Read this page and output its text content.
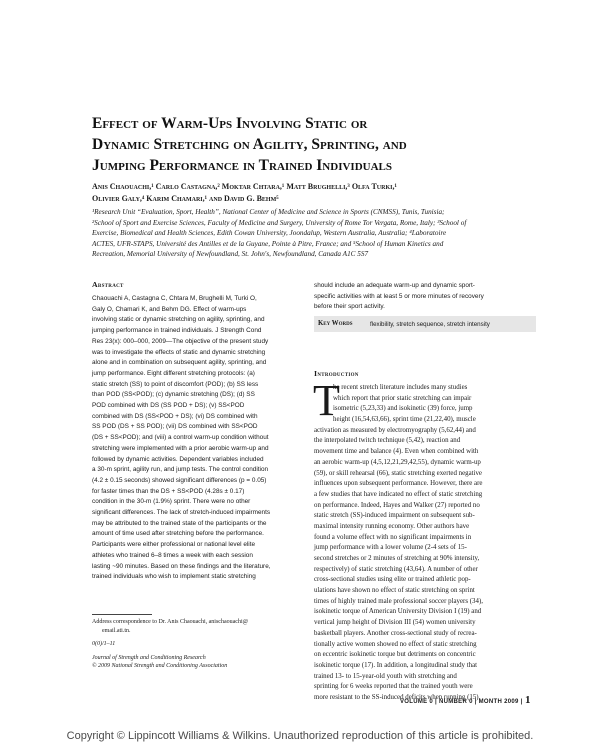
Effect of Warm-Ups Involving Static or
Dynamic Stretching on Agility, Sprinting, and
Jumping Performance in Trained Individuals
Anis Chaouachi,¹ Carlo Castagna,² Moktar Chtara,¹ Matt Brughelli,³ Olfa Turki,¹
Olivier Galy,⁴ Karim Chamari,¹ and David G. Behm⁵
¹Research Unit “Evaluation, Sport, Health”, National Center of Medicine and Science in Sports (CNMSS), Tunis, Tunisia;
²School of Sport and Exercise Sciences, Faculty of Medicine and Surgery, University of Rome Tor Vergata, Rome, Italy; ³School of
Exercise, Biomedical and Health Sciences, Edith Cowan University, Joondalup, Western Australia, Australia; ⁴Laboratoire
ACTES, UFR-STAPS, Université des Antilles et de la Guyane, Pointe à Pitre, France; and ⁵School of Human Kinetics and
Recreation, Memorial University of Newfoundland, St. John's, Newfoundland, Canada A1C 5S7
Abstract
Chaouachi A, Castagna C, Chtara M, Brughelli M, Turki O,
Galy O, Chamari K, and Behm DG. Effect of warm-ups
involving static or dynamic stretching on agility, sprinting, and
jumping performance in trained individuals. J Strength Cond
Res 23(x): 000–000, 2009—The objective of the present study
was to investigate the effects of static and dynamic stretching
alone and in combination on subsequent agility, sprinting, and
jump performance. Eight different stretching protocols: (a)
static stretch (SS) to point of discomfort (POD); (b) SS less
than POD (SS<POD); (c) dynamic stretching (DS); (d) SS
POD combined with DS (SS POD + DS); (v) SS<POD
combined with DS (SS<POD + DS); (vi) DS combined with
SS POD (DS + SS POD); (vii) DS combined with SS<POD
(DS + SS<POD); and (viii) a control warm-up condition without
stretching were implemented with a prior aerobic warm-up and
followed by dynamic activities. Dependent variables included
a 30-m sprint, agility run, and jump tests. The control condition
(4.2 ± 0.15 seconds) showed significant differences (p = 0.05)
for faster times than the DS + SS<POD (4.28s ± 0.17)
condition in the 30-m (1.9%) sprint. There were no other
significant differences. The lack of stretch-induced impairments
may be attributed to the trained state of the participants or the
amount of time used after stretching before the performance.
Participants were either professional or national level elite
athletes who trained 6–8 times a week with each session
lasting ~90 minutes. Based on these findings and the literature,
trained individuals who wish to implement static stretching
should include an adequate warm-up and dynamic sport-
specific activities with at least 5 or more minutes of recovery
before their sport activity.
Key Words	flexibility, stretch sequence, stretch intensity
Introduction
T
he recent stretch literature includes many studies
which report that prior static stretching can impair
isometric (5,23,33) and isokinetic (39) force, jump
height (16,54,63,66), sprint time (21,22,40), muscle
activation as measured by electromyography (5,62,44) and
the interpolated twitch technique (5,42), reaction and
movement time and balance (4). Even when combined with
an aerobic warm-up (4,5,12,21,29,42,55), dynamic warm-up
(59), or skill rehearsal (66), static stretching exerted negative
influences upon subsequent performance. However, there are
a few studies that have indicated no effect of static stretching
on performance. Indeed, Hayes and Walker (27) reported no
static stretch (SS)-induced impairment on subsequent sub-
maximal intensity running economy. Other authors have
found a volume effect with no significant impairments in
jump performance with a lower volume (2-4 sets of 15-
second stretches or 2 minutes of stretching at 90% intensity,
respectively) of static stretching (43,64). A number of other
cross-sectional studies using elite or trained athletic pop-
ulations have shown no effect of static stretching on sprint
times of highly trained male professional soccer players (34),
isokinetic torque of American University Division I (19) and
vertical jump height of Division III (54) women university
basketball players. Another cross-sectional study of recrea-
tionally active women showed no effect of static stretching
on eccentric isokinetic torque but detriments on concentric
isokinetic torque (17). In addition, a longitudinal study that
trained 13- to 15-year-old youth with stretching and
sprinting for 6 weeks reported that the trained youth were
more resistant to the SS-induced deficits when running (15).
Address correspondence to Dr. Anis Chaouachi, anischaouachi@
email.ati.tn.
0(0)/1–11
Journal of Strength and Conditioning Research
© 2009 National Strength and Conditioning Association
VOLUME 0 | NUMBER 0 | MONTH 2009 | 1
Copyright © Lippincott Williams & Wilkins. Unauthorized reproduction of this article is prohibited.
